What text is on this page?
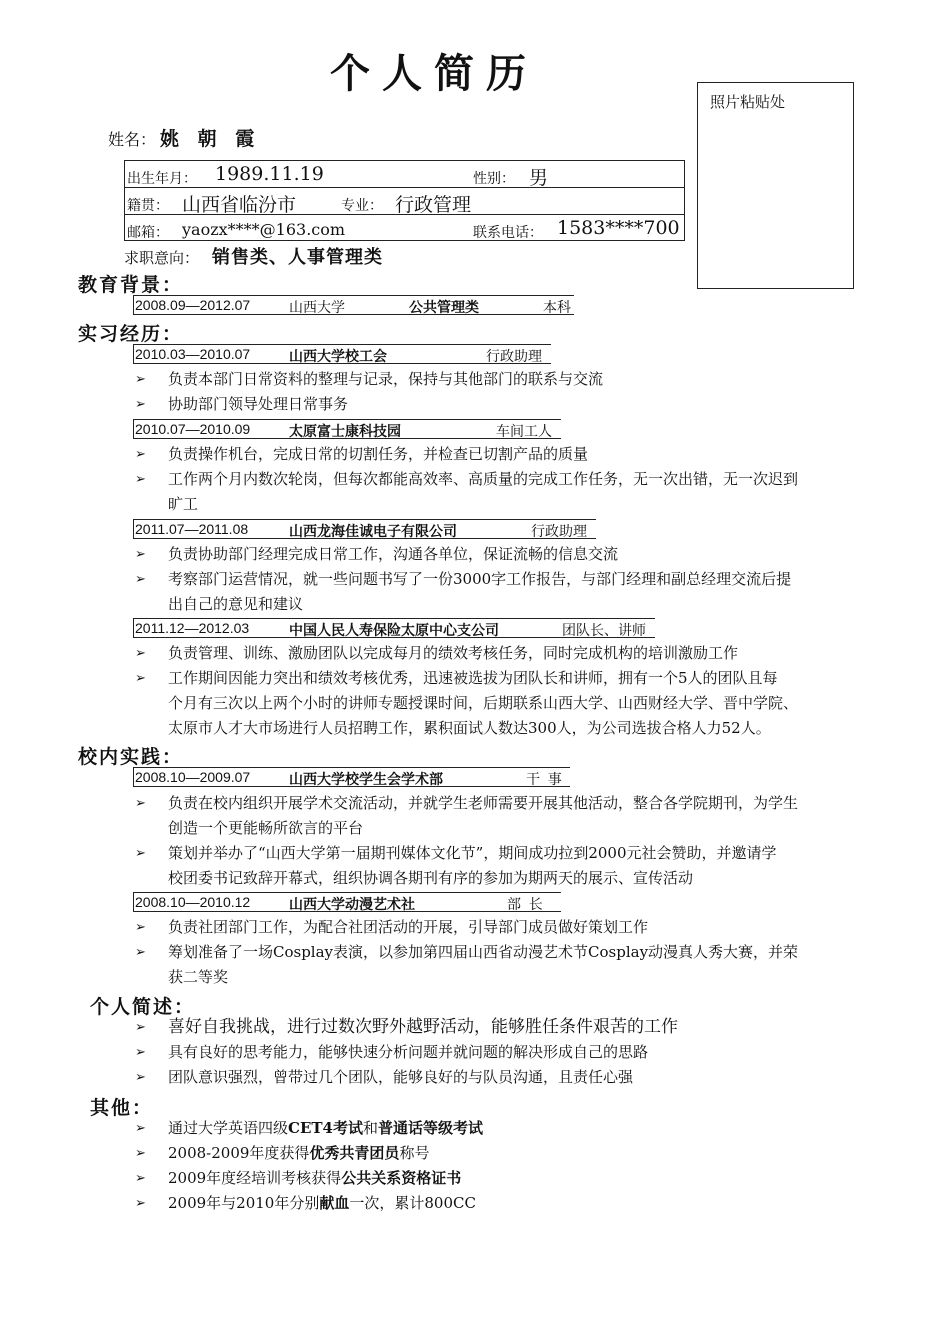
个人简历
照片粘贴处
姓名： 姚 朝 霞
出生年月： 1989.11.19	性别： 男
籍贯： 山西省临汾市	专业： 行政管理
邮箱： yaozx****@163.com	联系电话： 1583****700
求职意向： 销售类、人事管理类
教育背景：
2008.09—2012.07	山西大学	公共管理类	本科
实习经历：
2010.03—2010.07	山西大学校工会	行政助理
➢ 负责本部门日常资料的整理与记录，保持与其他部门的联系与交流
➢ 协助部门领导处理日常事务
2010.07—2010.09	太原富士康科技园	车间工人
➢ 负责操作机台，完成日常的切割任务，并检查已切割产品的质量
➢ 工作两个月内数次轮岗，但每次都能高效率、高质量的完成工作任务，无一次出错，无一次迟到
旷工
2011.07—2011.08	山西龙海佳诚电子有限公司	行政助理
➢ 负责协助部门经理完成日常工作，沟通各单位，保证流畅的信息交流
➢ 考察部门运营情况，就一些问题书写了一份3000字工作报告，与部门经理和副总经理交流后提
出自己的意见和建议
2011.12—2012.03	中国人民人寿保险太原中心支公司	团队长、讲师
➢ 负责管理、训练、激励团队以完成每月的绩效考核任务，同时完成机构的培训激励工作
➢ 工作期间因能力突出和绩效考核优秀，迅速被选拔为团队长和讲师，拥有一个5人的团队且每
个月有三次以上两个小时的讲师专题授课时间，后期联系山西大学、山西财经大学、晋中学院、
太原市人才大市场进行人员招聘工作，累积面试人数达300人，为公司选拔合格人力52人。
校内实践：
2008.10—2009.07	山西大学校学生会学术部	干  事
➢ 负责在校内组织开展学术交流活动，并就学生老师需要开展其他活动，整合各学院期刊，为学生
创造一个更能畅所欲言的平台
➢ 策划并举办了“山西大学第一届期刊媒体文化节”，期间成功拉到2000元社会赞助，并邀请学
校团委书记致辞开幕式，组织协调各期刊有序的参加为期两天的展示、宣传活动
2008.10—2010.12	山西大学动漫艺术社	部  长
➢ 负责社团部门工作，为配合社团活动的开展，引导部门成员做好策划工作
➢ 筹划准备了一场Cosplay表演，以参加第四届山西省动漫艺术节Cosplay动漫真人秀大赛，并荣
获二等奖
个人简述：
➢ 喜好自我挑战，进行过数次野外越野活动，能够胜任条件艰苦的工作
➢ 具有良好的思考能力，能够快速分析问题并就问题的解决形成自己的思路
➢ 团队意识强烈，曾带过几个团队，能够良好的与队员沟通，且责任心强
其他：
➢ 通过大学英语四级CET4考试和普通话等级考试
➢ 2008-2009年度获得优秀共青团员称号
➢ 2009年度经培训考核获得公共关系资格证书
➢ 2009年与2010年分别献血一次，累计800CC
